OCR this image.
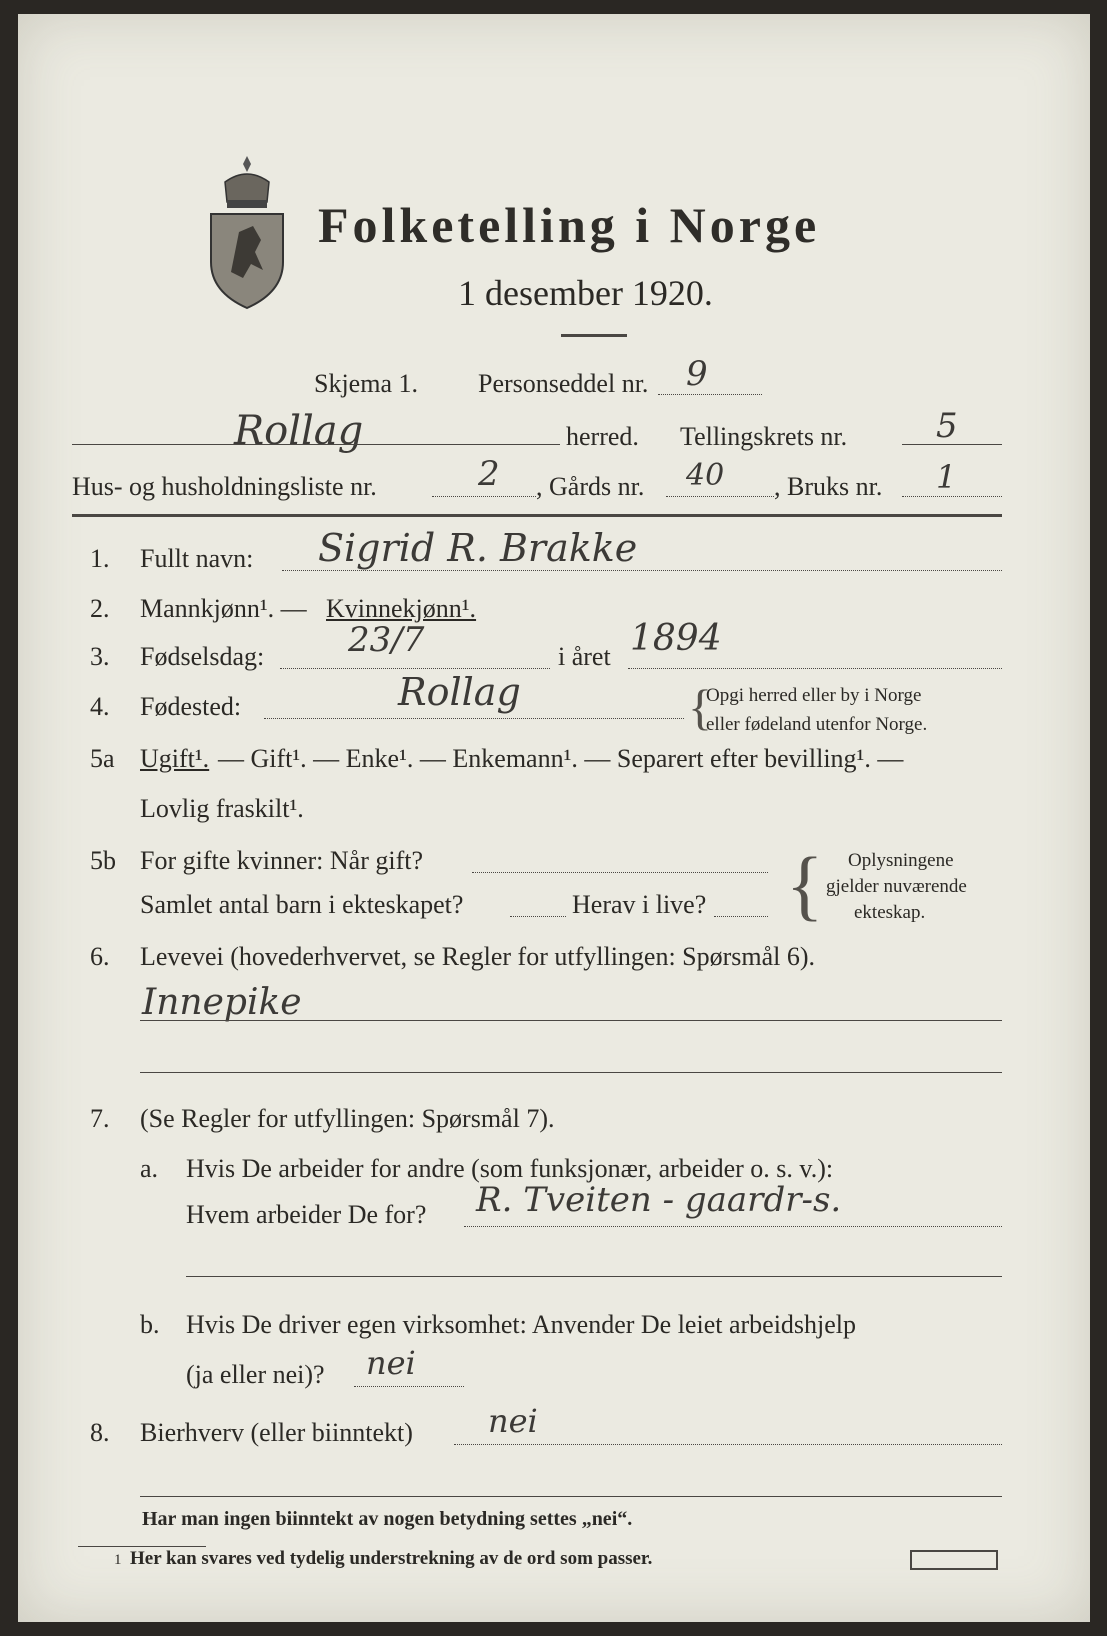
Folketelling i Norge
1 desember 1920.
Skjema 1. Personseddel nr. 9
Rollag	herred. Tellingskrets nr.	5
Hus- og husholdningsliste nr.	2 , Gårds nr. 40 , Bruks nr. 1
1. Fullt navn: Sigrid R. Brakke
2. Mannkjønn¹. — Kvinnekjønn¹.
3. Fødselsdag: 23/7	i året 1894
4. Fødested:	Rollag	{
Opgi herred eller by i Norge
eller fødeland utenfor Norge.
5a Ugift¹. — Gift¹. — Enke¹. — Enkemann¹. — Separert efter bevilling¹. —
Lovlig fraskilt¹.
5b For gifte kvinner: Når gift?
Samlet antal barn i ekteskapet?	Herav i live? { Oplysningene
gjelder nuværende
ekteskap.
6. Levevei (hovederhvervet, se Regler for utfyllingen: Spørsmål 6).
Innepike
7. (Se Regler for utfyllingen: Spørsmål 7).
a. Hvis De arbeider for andre (som funksjonær, arbeider o. s. v.):
Hvem arbeider De for? R. Tveiten - gaardr-s.
b. Hvis De driver egen virksomhet: Anvender De leiet arbeidshjelp
(ja eller nei)? nei
8. Bierhverv (eller biinntekt) nei
Har man ingen biinntekt av nogen betydning settes „nei“.
1 Her kan svares ved tydelig understrekning av de ord som passer.
